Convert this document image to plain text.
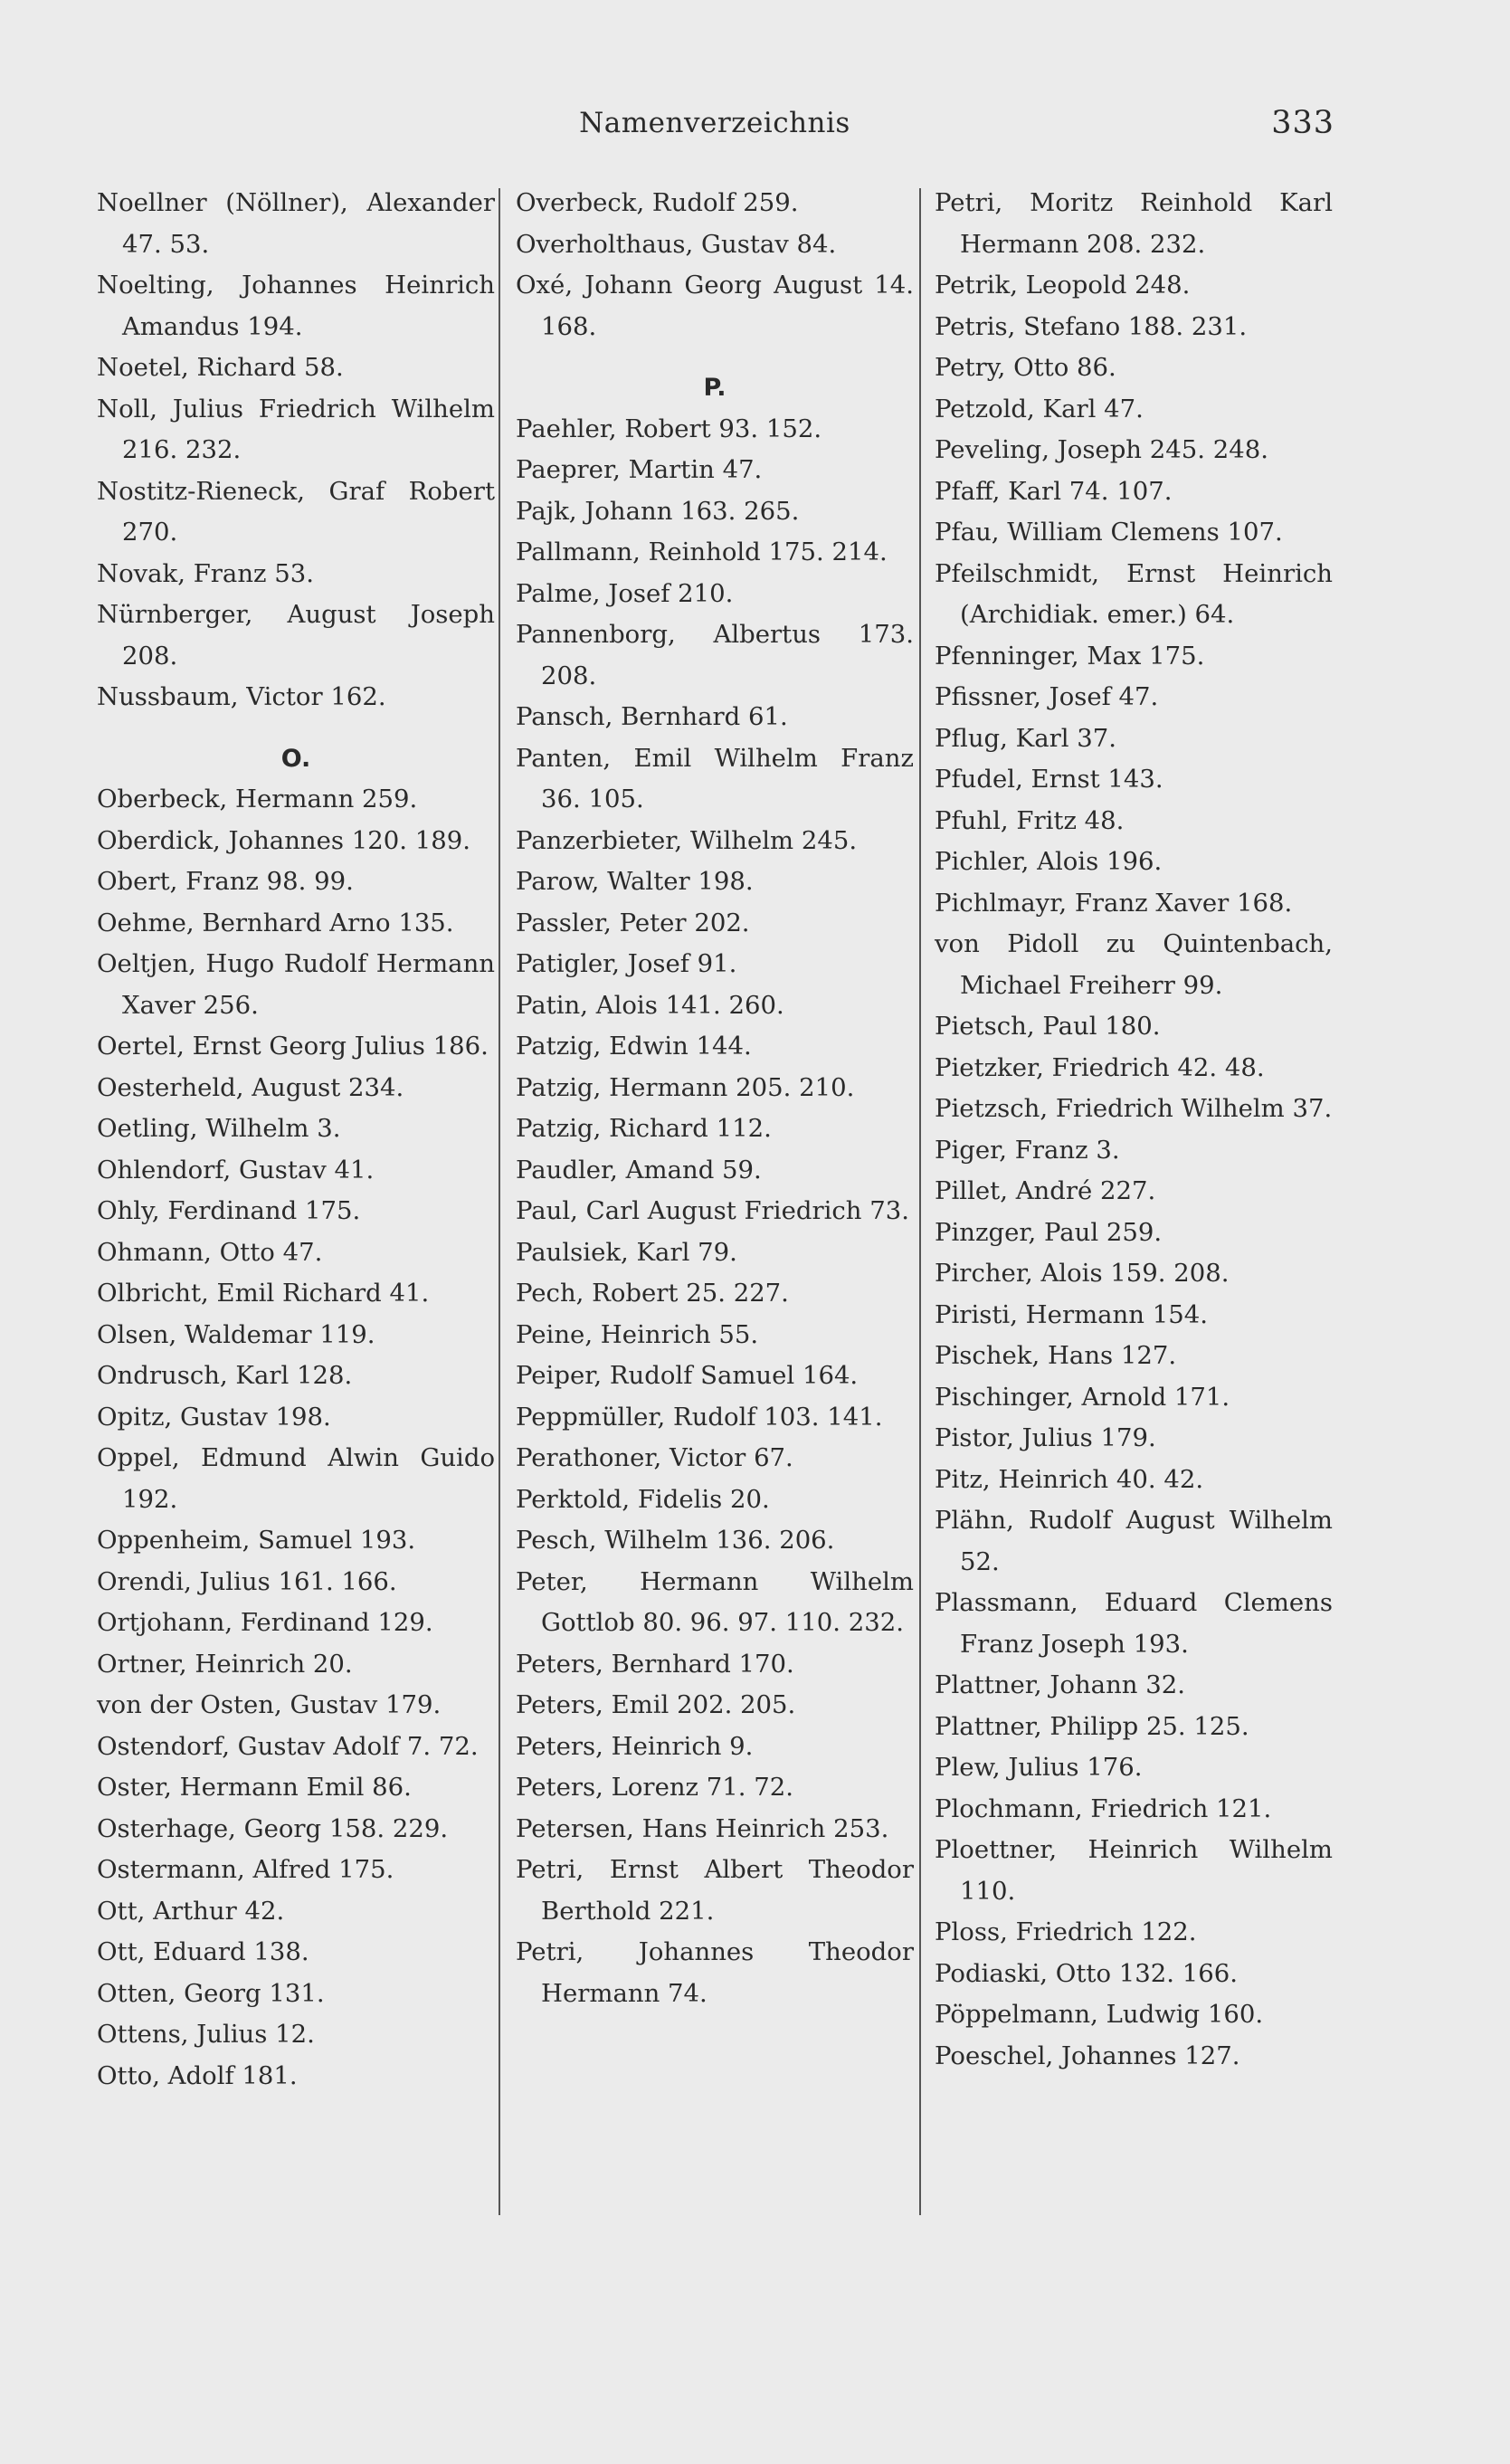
Namenverzeichnis	333

Noellner (Nöllner), Alexander 47. 53.

Noelting, Johannes Heinrich Amandus 194.

Noetel, Richard 58.

Noll, Julius Friedrich Wilhelm 216. 232.

Nostitz-Rieneck, Graf Robert 270.

Novak, Franz 53.

Nürnberger, August Joseph 208.

Nussbaum, Victor 162.

O.

Oberbeck, Hermann 259.

Oberdick, Johannes 120. 189.

Obert, Franz 98. 99.

Oehme, Bernhard Arno 135.

Oeltjen, Hugo Rudolf Hermann Xaver 256.

Oertel, Ernst Georg Julius 186.

Oesterheld, August 234.

Oetling, Wilhelm 3.

Ohlendorf, Gustav 41.

Ohly, Ferdinand 175.

Ohmann, Otto 47.

Olbricht, Emil Richard 41.

Olsen, Waldemar 119.

Ondrusch, Karl 128.

Opitz, Gustav 198.

Oppel, Edmund Alwin Guido 192.

Oppenheim, Samuel 193.

Orendi, Julius 161. 166.

Ortjohann, Ferdinand 129.

Ortner, Heinrich 20.

von der Osten, Gustav 179.

Ostendorf, Gustav Adolf 7. 72.

Oster, Hermann Emil 86.

Osterhage, Georg 158. 229.

Ostermann, Alfred 175.

Ott, Arthur 42.

Ott, Eduard 138.

Otten, Georg 131.

Ottens, Julius 12.

Otto, Adolf 181.

Overbeck, Rudolf 259.

Overholthaus, Gustav 84.

Oxé, Johann Georg August 14. 168.

P.

Paehler, Robert 93. 152.

Paeprer, Martin 47.

Pajk, Johann 163. 265.

Pallmann, Reinhold 175. 214.

Palme, Josef 210.

Pannenborg, Albertus 173. 208.

Pansch, Bernhard 61.

Panten, Emil Wilhelm Franz 36. 105.

Panzerbieter, Wilhelm 245.

Parow, Walter 198.

Passler, Peter 202.

Patigler, Josef 91.

Patin, Alois 141. 260.

Patzig, Edwin 144.

Patzig, Hermann 205. 210.

Patzig, Richard 112.

Paudler, Amand 59.

Paul, Carl August Friedrich 73.

Paulsiek, Karl 79.

Pech, Robert 25. 227.

Peine, Heinrich 55.

Peiper, Rudolf Samuel 164.

Peppmüller, Rudolf 103. 141.

Perathoner, Victor 67.

Perktold, Fidelis 20.

Pesch, Wilhelm 136. 206.

Peter, Hermann Wilhelm Gottlob 80. 96. 97. 110. 232.

Peters, Bernhard 170.

Peters, Emil 202. 205.

Peters, Heinrich 9.

Peters, Lorenz 71. 72.

Petersen, Hans Heinrich 253.

Petri, Ernst Albert Theodor Berthold 221.

Petri, Johannes Theodor Hermann 74.

Petri, Moritz Reinhold Karl Hermann 208. 232.

Petrik, Leopold 248.

Petris, Stefano 188. 231.

Petry, Otto 86.

Petzold, Karl 47.

Peveling, Joseph 245. 248.

Pfaff, Karl 74. 107.

Pfau, William Clemens 107.

Pfeilschmidt, Ernst Heinrich (Archidiak. emer.) 64.

Pfenninger, Max 175.

Pfissner, Josef 47.

Pflug, Karl 37.

Pfudel, Ernst 143.

Pfuhl, Fritz 48.

Pichler, Alois 196.

Pichlmayr, Franz Xaver 168.

von Pidoll zu Quintenbach, Michael Freiherr 99.

Pietsch, Paul 180.

Pietzker, Friedrich 42. 48.

Pietzsch, Friedrich Wilhelm 37.

Piger, Franz 3.

Pillet, André 227.

Pinzger, Paul 259.

Pircher, Alois 159. 208.

Piristi, Hermann 154.

Pischek, Hans 127.

Pischinger, Arnold 171.

Pistor, Julius 179.

Pitz, Heinrich 40. 42.

Plähn, Rudolf August Wilhelm 52.

Plassmann, Eduard Clemens Franz Joseph 193.

Plattner, Johann 32.

Plattner, Philipp 25. 125.

Plew, Julius 176.

Plochmann, Friedrich 121.

Ploettner, Heinrich Wilhelm 110.

Ploss, Friedrich 122.

Podiaski, Otto 132. 166.

Pöppelmann, Ludwig 160.

Poeschel, Johannes 127.
